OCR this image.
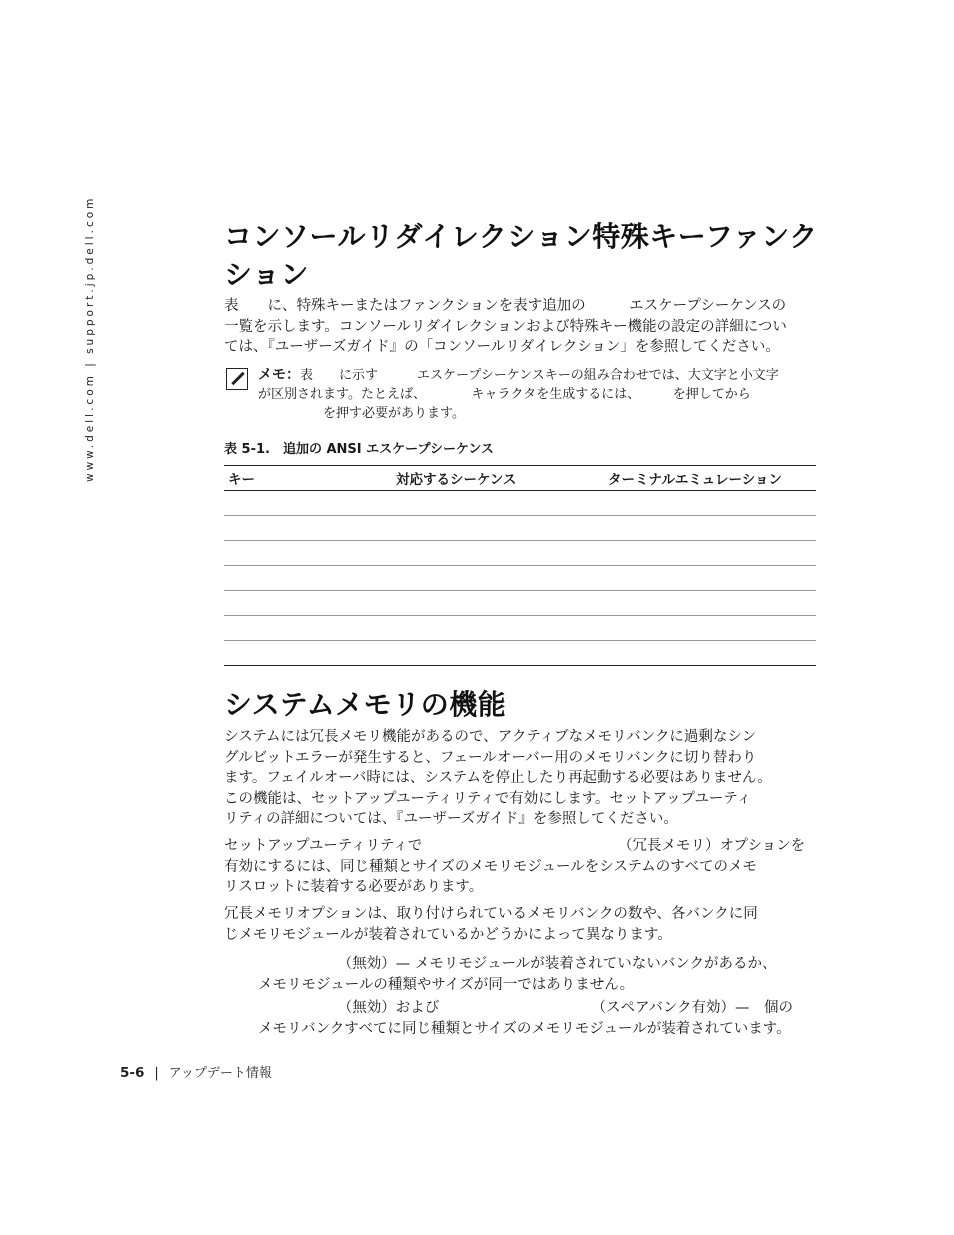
www.dell.com | support.jp.dell.com	コンソールリダイレクション特殊キーファンク
ション

表　　に、特殊キーまたはファンクションを表す追加の　　　エスケープシーケンスの

一覧を示します。コンソールリダイレクションおよび特殊キー機能の設定の詳細につい

ては、『ユーザーズガイド』の「コンソールリダイレクション」を参照してください。

メモ：表　　に示す　　　エスケープシーケンスキーの組み合わせでは、大文字と小文字
が区別されます。たとえば、　　　　キャラクタを生成するには、　　　を押してから
　　　　　を押す必要があります。
表 5-1.　追加の ANSI エスケープシーケンス
キー	対応するシーケンス	ターミナルエミュレーション

システムメモリの機能

システムには冗長メモリ機能があるので、アクティブなメモリバンクに過剰なシン

グルビットエラーが発生すると、フェールオーバー用のメモリバンクに切り替わり

ます。フェイルオーバ時には、システムを停止したり再起動する必要はありません。

この機能は、セットアップユーティリティで有効にします。セットアップユーティ

リティの詳細については、『ユーザーズガイド』を参照してください。

セットアップユーティリティで　　　　　　　　　　　　　　（冗長メモリ）オプションを

有効にするには、同じ種類とサイズのメモリモジュールをシステムのすべてのメモ

リスロットに装着する必要があります。

冗長メモリオプションは、取り付けられているメモリバンクの数や、各バンクに同

じメモリモジュールが装着されているかどうかによって異なります。

　　　　　　（無効）— メモリモジュールが装着されていないバンクがあるか、

メモリモジュールの種類やサイズが同一ではありません。

　　　　　　（無効）および　　　　　　　　　　　（スペアバンク有効）—　個の

メモリバンクすべてに同じ種類とサイズのメモリモジュールが装着されています。

5-6 | アップデート情報
